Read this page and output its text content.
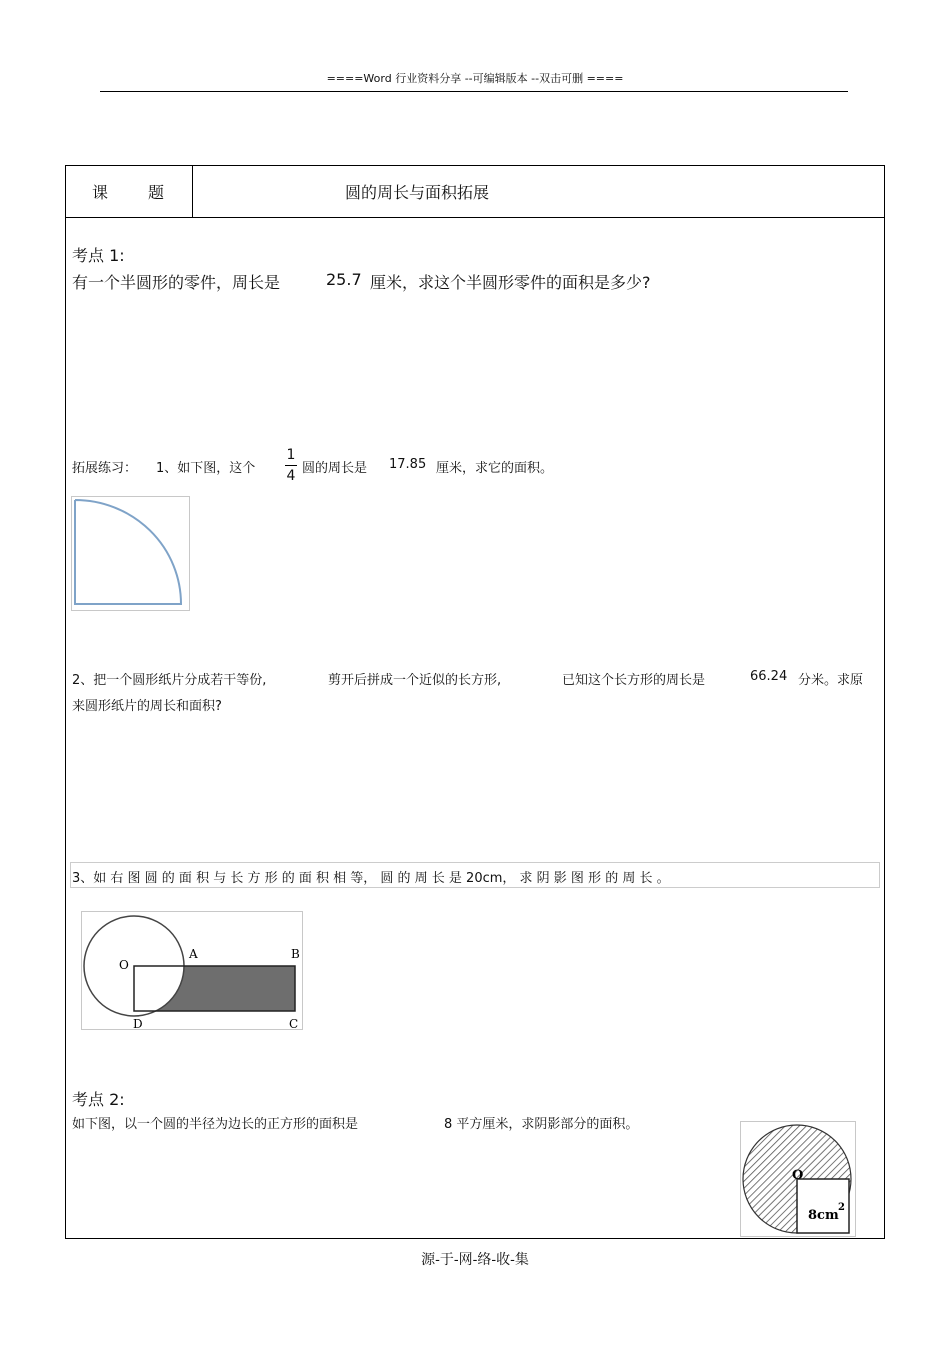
====Word 行业资料分享 --可编辑版本 --双击可删 ====
课 题	圆的周长与面积拓展
考点 1:
有一个半圆形的零件，周长是	25.7 厘米，求这个半圆形零件的面积是多少?
拓展练习： 1、如下图，这个
1
4 圆的周长是 17.85 厘米，求它的面积。
2、把一个圆形纸片分成若干等份,	剪开后拼成一个近似的长方形,	已知这个长方形的周长是	66.24 分米。求原
来圆形纸片的周长和面积?
3、如 右 图 圆 的 面 积 与 长 方 形 的 面 积 相 等， 圆 的 周 长 是 20cm， 求 阴 影 图 形 的 周 长 。
O
A	B
C
D
考点 2:
如下图，以一个圆的半径为边长的正方形的面积是	8 平方厘米，求阴影部分的面积。
O
8cm
2
源-于-网-络-收-集
